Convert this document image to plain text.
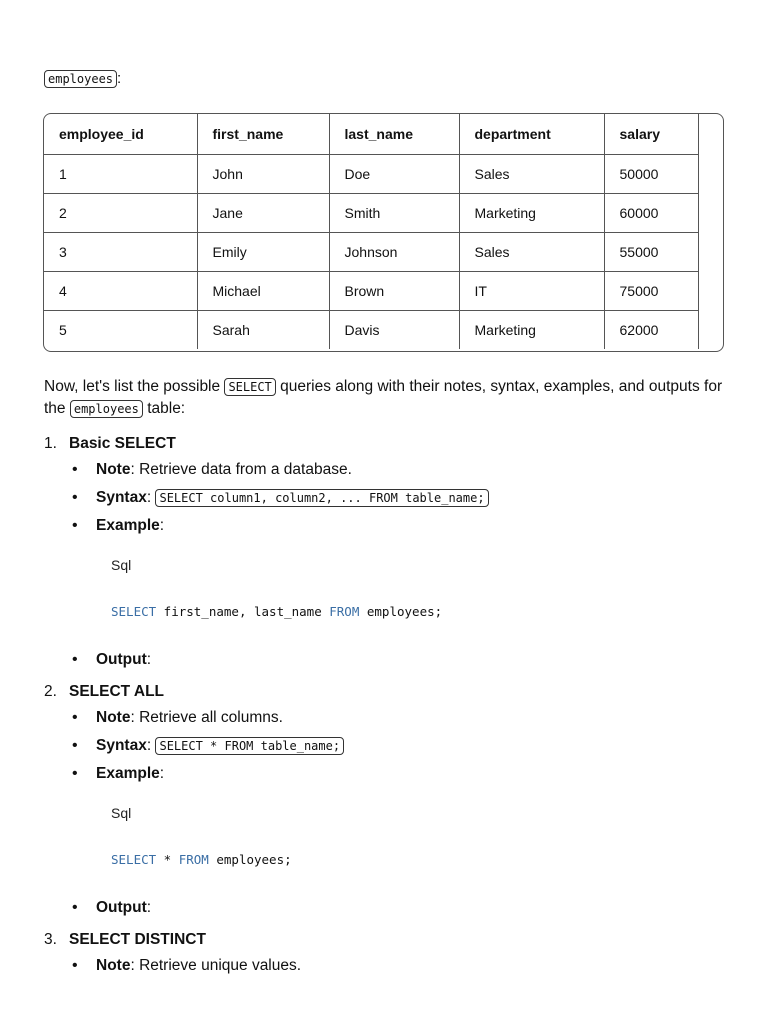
employees :
employee_id	first_name	last_name	department	salary
1	John	Doe	Sales	50000
2	Jane	Smith	Marketing	60000
3	Emily	Johnson	Sales	55000
4	Michael	Brown	IT	75000
5	Sarah	Davis	Marketing	62000
Now, let's list the possible SELECT queries along with their notes, syntax, examples, and outputs for the employees table:
1. Basic SELECT
• Note: Retrieve data from a database.
• Syntax: SELECT column1, column2, ... FROM table_name;
• Example:
Sql
SELECT first_name, last_name FROM employees;
• Output:
2. SELECT ALL
• Note: Retrieve all columns.
• Syntax: SELECT * FROM table_name;
• Example:
Sql
SELECT * FROM employees;
• Output:
3. SELECT DISTINCT
• Note: Retrieve unique values.
